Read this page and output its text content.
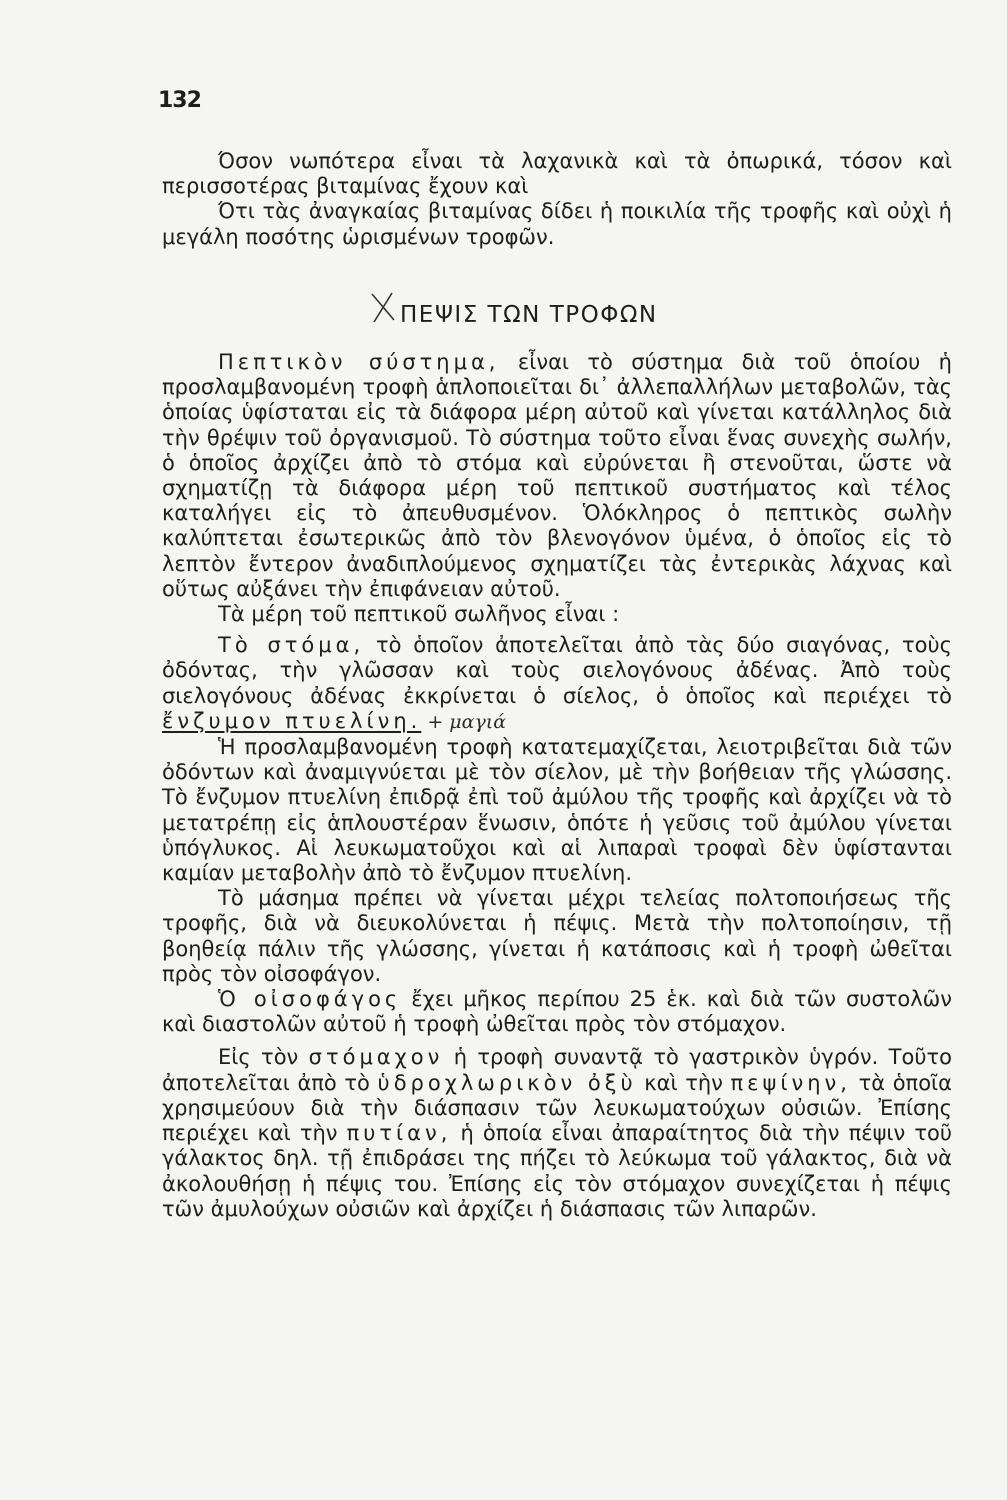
132

Όσον νωπότερα εἶναι τὰ λαχανικὰ καὶ τὰ ὀπωρικά, τόσον καὶ περισσοτέρας βιταμίνας ἔχουν καὶ

Ότι τὰς ἀναγκαίας βιταμίνας δίδει ἡ ποικιλία τῆς τροφῆς καὶ οὐχὶ ἡ μεγάλη ποσότης ὡρισμένων τροφῶν.

ΠΕΨΙΣ ΤΩΝ ΤΡΟΦΩΝ

Πεπτικὸν σύστημα, εἶναι τὸ σύστημα διὰ τοῦ ὁποίου ἡ προσλαμβανομένη τροφὴ ἁπλοποιεῖται δι᾽ ἀλλεπαλλήλων μεταβολῶν, τὰς ὁποίας ὑφίσταται εἰς τὰ διάφορα μέρη αὐτοῦ καὶ γίνεται κατάλληλος διὰ τὴν θρέψιν τοῦ ὀργανισμοῦ. Τὸ σύστημα τοῦτο εἶναι ἕνας συνεχὴς σωλήν, ὁ ὁποῖος ἀρχίζει ἀπὸ τὸ στόμα καὶ εὐρύνεται ἢ στενοῦται, ὥστε νὰ σχηματίζῃ τὰ διάφορα μέρη τοῦ πεπτικοῦ συστήματος καὶ τέλος καταλήγει εἰς τὸ ἀπευθυσμένον. Ὁλόκληρος ὁ πεπτικὸς σωλὴν καλύπτεται ἐσωτερικῶς ἀπὸ τὸν βλενογόνον ὑμένα, ὁ ὁποῖος εἰς τὸ λεπτὸν ἔντερον ἀναδιπλούμενος σχηματίζει τὰς ἐντερικὰς λάχνας καὶ οὕτως αὐξάνει τὴν ἐπιφάνειαν αὐτοῦ.

Τὰ μέρη τοῦ πεπτικοῦ σωλῆνος εἶναι :

Τὸ στόμα, τὸ ὁποῖον ἀποτελεῖται ἀπὸ τὰς δύο σιαγόνας, τοὺς ὀδόντας, τὴν γλῶσσαν καὶ τοὺς σιελογόνους ἀδένας. Ἀπὸ τοὺς σιελογόνους ἀδένας ἐκκρίνεται ὁ σίελος, ὁ ὁποῖος καὶ περιέχει τὸ ἔνζυμον πτυελίνη. + μαγιά

Ἡ προσλαμβανομένη τροφὴ κατατεμαχίζεται, λειοτριβεῖται διὰ τῶν ὀδόντων καὶ ἀναμιγνύεται μὲ τὸν σίελον, μὲ τὴν βοήθειαν τῆς γλώσσης. Τὸ ἔνζυμον πτυελίνη ἐπιδρᾷ ἐπὶ τοῦ ἀμύλου τῆς τροφῆς καὶ ἀρχίζει νὰ τὸ μετατρέπῃ εἰς ἁπλουστέραν ἕνωσιν, ὁπότε ἡ γεῦσις τοῦ ἀμύλου γίνεται ὑπόγλυκος. Αἱ λευκωματοῦχοι καὶ αἱ λιπαραὶ τροφαὶ δὲν ὑφίστανται καμίαν μεταβολὴν ἀπὸ τὸ ἔνζυμον πτυελίνη.

Τὸ μάσημα πρέπει νὰ γίνεται μέχρι τελείας πολτοποιήσεως τῆς τροφῆς, διὰ νὰ διευκολύνεται ἡ πέψις. Μετὰ τὴν πολτοποίησιν, τῇ βοηθείᾳ πάλιν τῆς γλώσσης, γίνεται ἡ κατάποσις καὶ ἡ τροφὴ ὠθεῖται πρὸς τὸν οἰσοφάγον.

Ὁ οἰσοφάγος ἔχει μῆκος περίπου 25 ἑκ. καὶ διὰ τῶν συστολῶν καὶ διαστολῶν αὐτοῦ ἡ τροφὴ ὠθεῖται πρὸς τὸν στόμαχον.

Εἰς τὸν στόμαχον ἡ τροφὴ συναντᾷ τὸ γαστρικὸν ὑγρόν. Τοῦτο ἀποτελεῖται ἀπὸ τὸ ὑδροχλωρικὸν ὀξὺ καὶ τὴν πεψίνην, τὰ ὁποῖα χρησιμεύουν διὰ τὴν διάσπασιν τῶν λευκωματούχων οὐσιῶν. Ἐπίσης περιέχει καὶ τὴν πυτίαν, ἡ ὁποία εἶναι ἀπαραίτητος διὰ τὴν πέψιν τοῦ γάλακτος δηλ. τῇ ἐπιδράσει της πήζει τὸ λεύκωμα τοῦ γάλακτος, διὰ νὰ ἀκολουθήσῃ ἡ πέψις του. Ἐπίσης εἰς τὸν στόμαχον συνεχίζεται ἡ πέψις τῶν ἀμυλούχων οὐσιῶν καὶ ἀρχίζει ἡ διάσπασις τῶν λιπαρῶν.
